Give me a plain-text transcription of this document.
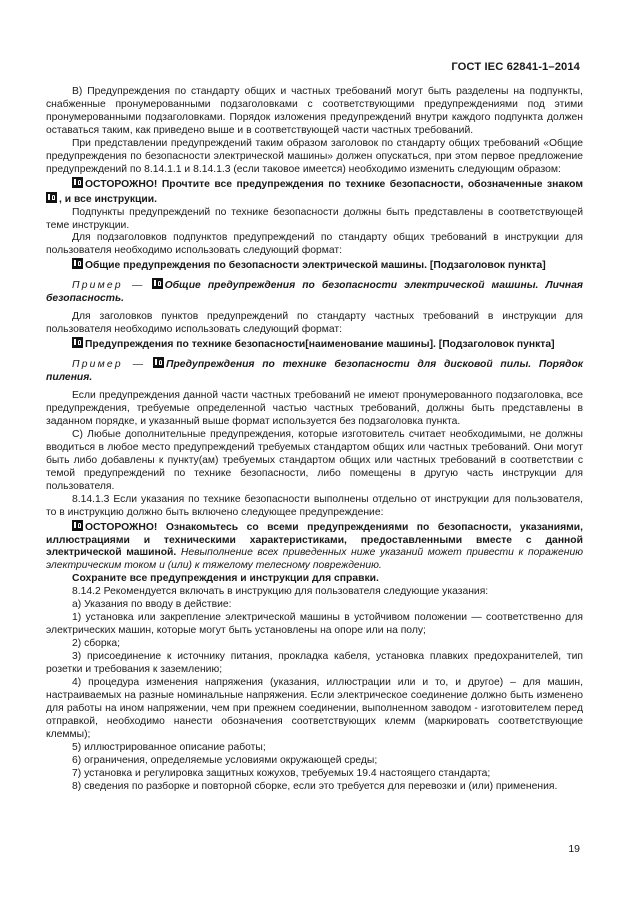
ГОСТ IEC 62841-1–2014

B) Предупреждения по стандарту общих и частных требований могут быть разделены на подпункты, снабженные пронумерованными подзаголовками с соответствующими предупреждениями под этими пронумерованными подзаголовками. Порядок изложения предупреждений внутри каждого подпункта должен оставаться таким, как приведено выше и в соответствующей части частных требований.

При представлении предупреждений таким образом заголовок по стандарту общих требований «Общие предупреждения по безопасности электрической машины» должен опускаться, при этом первое предложение предупреждений по 8.14.1.1 и 8.14.1.3 (если таковое имеется) необходимо изменить следующим образом:

ОСТОРОЖНО! Прочтите все предупреждения по технике безопасности, обозначенные знаком , и все инструкции.

Подпункты предупреждений по технике безопасности должны быть представлены в соответствующей теме инструкции.

Для подзаголовков подпунктов предупреждений по стандарту общих требований в инструкции для пользователя необходимо использовать следующий формат:

Общие предупреждения по безопасности электрической машины. [Подзаголовок пункта]

Пример — Общие предупреждения по безопасности электрической машины. Личная безопасность.

Для заголовков пунктов предупреждений по стандарту частных требований в инструкции для пользователя необходимо использовать следующий формат:

Предупреждения по технике безопасности[наименование машины]. [Подзаголовок пункта]

Пример — Предупреждения по технике безопасности для дисковой пилы. Порядок пиления.

Если предупреждения данной части частных требований не имеют пронумерованного подзаголовка, все предупреждения, требуемые определенной частью частных требований, должны быть представлены в заданном порядке, и указанный выше формат используется без подзаголовка пункта.

C) Любые дополнительные предупреждения, которые изготовитель считает необходимыми, не должны вводиться в любое место предупреждений требуемых стандартом общих или частных требований. Они могут быть либо добавлены к пункту(ам) требуемых стандартом общих или частных требований в соответствии с темой предупреждений по технике безопасности, либо помещены в другую часть инструкции для пользователя.

8.14.1.3 Если указания по технике безопасности выполнены отдельно от инструкции для пользователя, то в инструкцию должно быть включено следующее предупреждение:

ОСТОРОЖНО! Ознакомьтесь со всеми предупреждениями по безопасности, указаниями, иллюстрациями и техническими характеристиками, предоставленными вместе с данной электрической машиной. Невыполнение всех приведенных ниже указаний может привести к поражению электрическим током и (или) к тяжелому телесному повреждению.

Сохраните все предупреждения и инструкции для справки.

8.14.2 Рекомендуется включать в инструкцию для пользователя следующие указания:

а) Указания по вводу в действие:

1) установка или закрепление электрической машины в устойчивом положении — соответственно для электрических машин, которые могут быть установлены на опоре или на полу;

2) сборка;

3) присоединение к источнику питания, прокладка кабеля, установка плавких предохранителей, тип розетки и требования к заземлению;

4) процедура изменения напряжения (указания, иллюстрации или и то, и другое) – для машин, настраиваемых на разные номинальные напряжения. Если электрическое соединение должно быть изменено для работы на ином напряжении, чем при прежнем соединении, выполненном заводом - изготовителем перед отправкой, необходимо нанести обозначения соответствующих клемм (маркировать соответствующие клеммы);

5) иллюстрированное описание работы;

6) ограничения, определяемые условиями окружающей среды;

7) установка и регулировка защитных кожухов, требуемых 19.4 настоящего стандарта;

8) сведения по разборке и повторной сборке, если это требуется для перевозки и (или) применения.

19
